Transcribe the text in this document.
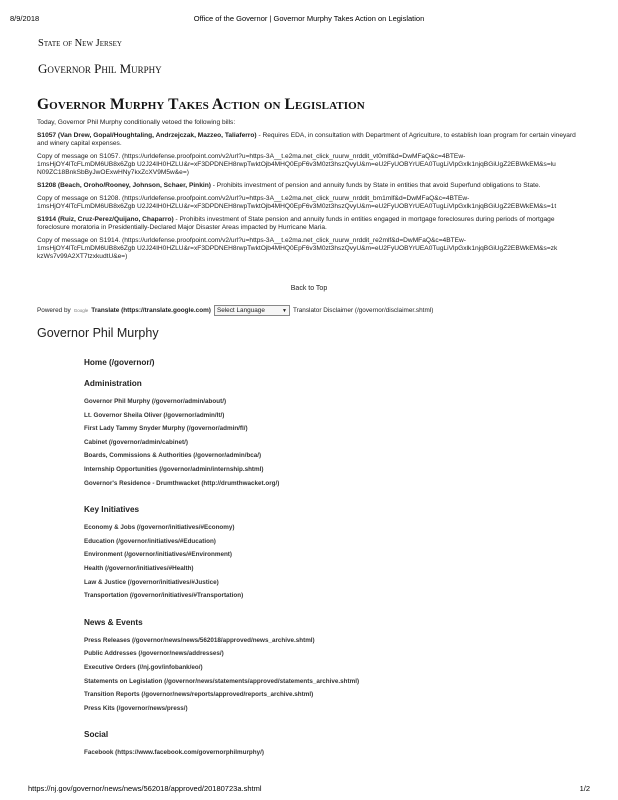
8/9/2018	Office of the Governor | Governor Murphy Takes Action on Legislation
State of New Jersey
Governor Phil Murphy
Governor Murphy Takes Action on Legislation

Today, Governor Phil Murphy conditionally vetoed the following bills:

S1057 (Van Drew, Gopal/Houghtaling, Andrzejczak, Mazzeo, Taliaferro) - Requires EDA, in consultation with Department of Agriculture, to establish loan program for certain vineyard and winery capital expenses.

Copy of message on S1057. (https://urldefense.proofpoint.com/v2/url?u=https-3A__t.e2ma.net_click_ruurw_nrddit_vt0mlf&d=DwMFaQ&c=4BTEw-

1msHjOY4lTcFLmDM6UB8x6Zgb U2J24IH0HZLU&r=xF3DPDNEH8rwpTwktOjb4MHQ0EpF6v3M0zt3hszQvyU&m=eU2FyUOBYrUEA0TugLiVlpGxlk1njqBGiUgZ2EBWkEM&s=lu
N09ZC18BnkSbByJwOExwHNy7kxZcXV9M5w&e=)

S1208 (Beach, Oroho/Rooney, Johnson, Schaer, Pinkin) - Prohibits investment of pension and annuity funds by State in entities that avoid Superfund obligations to State.

Copy of message on S1208. (https://urldefense.proofpoint.com/v2/url?u=https-3A__t.e2ma.net_click_ruurw_nrddit_bm1mlf&d=DwMFaQ&c=4BTEw-

1msHjOY4lTcFLmDM6UB8x6Zgb U2J24IH0HZLU&r=xF3DPDNEH8rwpTwktOjb4MHQ0EpF6v3M0zt3hszQvyU&m=eU2FyUOBYrUEA0TugLiVlpGxlk1njqBGiUgZ2EBWkEM&s=1t

S1914 (Ruiz, Cruz-Perez/Quijano, Chaparro) - Prohibits investment of State pension and annuity funds in entities engaged in mortgage foreclosures during periods of mortgage foreclosure moratoria in Presidentially-Declared Major Disaster Areas impacted by Hurricane Maria.

Copy of message on S1914. (https://urldefense.proofpoint.com/v2/url?u=https-3A__t.e2ma.net_click_ruurw_nrddit_re2mlf&d=DwMFaQ&c=4BTEw-

1msHjOY4lTcFLmDM6UB8x6Zgb U2J24IH0HZLU&r=xF3DPDNEH8rwpTwktOjb4MHQ0EpF6v3M0zt3hszQvyU&m=eU2FyUOBYrUEA0TugLiVlpGxlk1njqBGiUgZ2EBWkEM&s=zk
kzWs7v99A2XT7tzxkudtU&e=)

Back to Top
Powered by Google Translate (https://translate.google.com) Select Language	▼ Translator Disclaimer (/governor/disclaimer.shtml)
Governor Phil Murphy
Home (/governor/)
Administration
Governor Phil Murphy (/governor/admin/about/)
Lt. Governor Sheila Oliver (/governor/admin/lt/)
First Lady Tammy Snyder Murphy (/governor/admin/fl/)
Cabinet (/governor/admin/cabinet/)
Boards, Commissions & Authorities (/governor/admin/bca/)
Internship Opportunities (/governor/admin/internship.shtml)
Governor's Residence - Drumthwacket (http://drumthwacket.org/)
Key Initiatives
Economy & Jobs (/governor/initiatives/#Economy)
Education (/governor/initiatives/#Education)
Environment (/governor/initiatives/#Environment)
Health (/governor/initiatives/#Health)
Law & Justice (/governor/initiatives/#Justice)
Transportation (/governor/initiatives/#Transportation)
News & Events
Press Releases (/governor/news/news/562018/approved/news_archive.shtml)
Public Addresses (/governor/news/addresses/)
Executive Orders (//nj.gov/infobank/eo/)
Statements on Legislation (/governor/news/statements/approved/statements_archive.shtml)
Transition Reports (/governor/news/reports/approved/reports_archive.shtml)
Press Kits (/governor/news/press/)
Social
Facebook (https://www.facebook.com/governorphilmurphy/)
https://nj.gov/governor/news/news/562018/approved/20180723a.shtml	1/2
